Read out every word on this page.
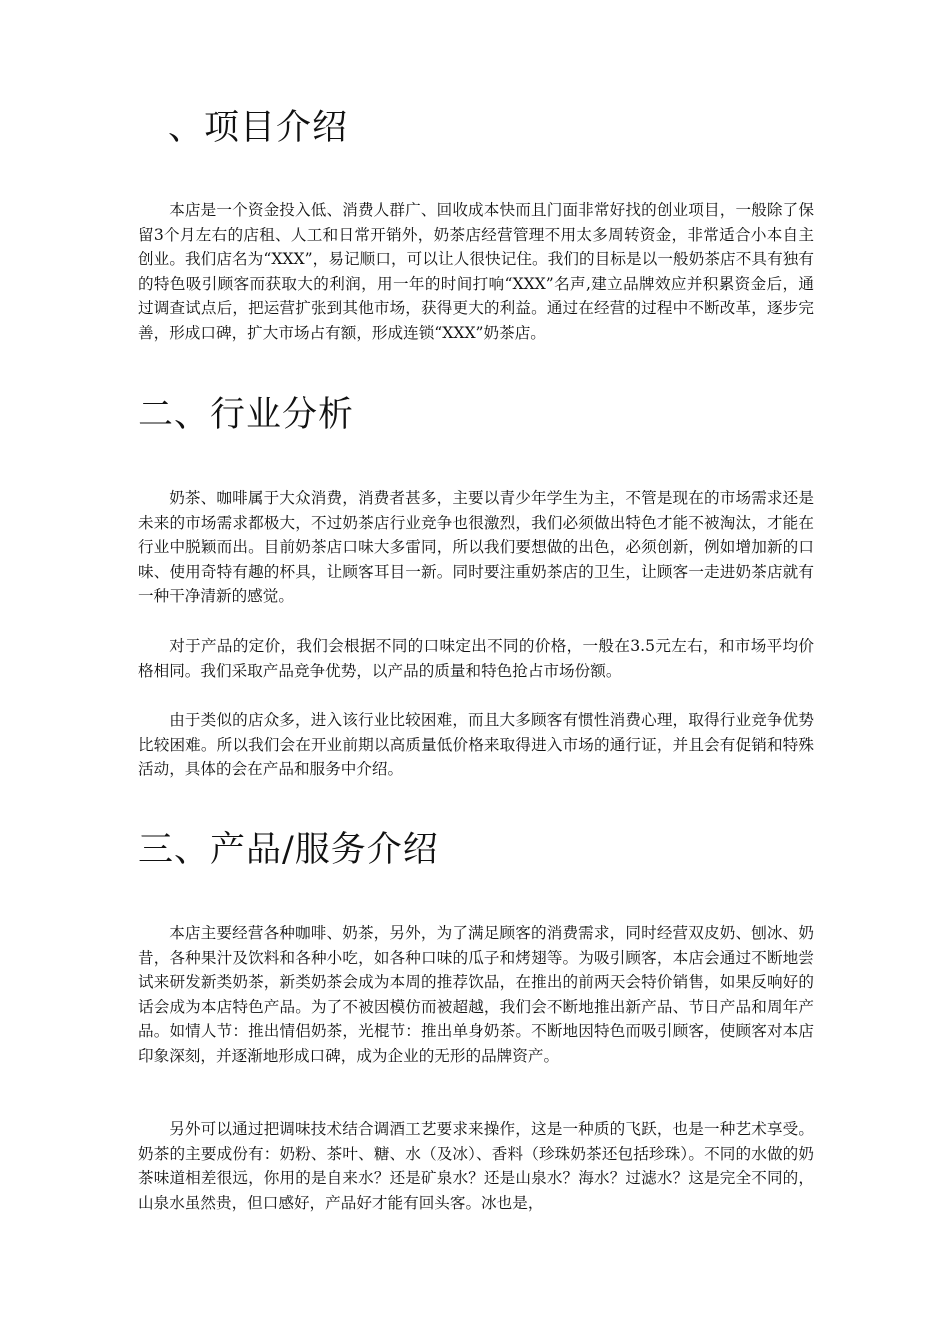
、项目介绍

本店是一个资金投入低、消费人群广、回收成本快而且门面非常好找的创业项目，一般除了保留3个月左右的店租、人工和日常开销外，奶茶店经营管理不用太多周转资金，非常适合小本自主创业。我们店名为“XXX”，易记顺口，可以让人很快记住。我们的目标是以一般奶茶店不具有独有的特色吸引顾客而获取大的利润，用一年的时间打响“XXX”名声,建立品牌效应并积累资金后，通过调查试点后，把运营扩张到其他市场，获得更大的利益。通过在经营的过程中不断改革，逐步完善，形成口碑，扩大市场占有额，形成连锁“XXX”奶茶店。

二、行业分析

奶茶、咖啡属于大众消费，消费者甚多，主要以青少年学生为主，不管是现在的市场需求还是未来的市场需求都极大，不过奶茶店行业竞争也很激烈，我们必须做出特色才能不被淘汰，才能在行业中脱颖而出。目前奶茶店口味大多雷同，所以我们要想做的出色，必须创新，例如增加新的口味、使用奇特有趣的杯具，让顾客耳目一新。同时要注重奶茶店的卫生，让顾客一走进奶茶店就有一种干净清新的感觉。

对于产品的定价，我们会根据不同的口味定出不同的价格，一般在3.5元左右，和市场平均价格相同。我们采取产品竞争优势，以产品的质量和特色抢占市场份额。

由于类似的店众多，进入该行业比较困难，而且大多顾客有惯性消费心理，取得行业竞争优势比较困难。所以我们会在开业前期以高质量低价格来取得进入市场的通行证，并且会有促销和特殊活动，具体的会在产品和服务中介绍。

三、产品/服务介绍

本店主要经营各种咖啡、奶茶，另外，为了满足顾客的消费需求，同时经营双皮奶、刨冰、奶昔，各种果汁及饮料和各种小吃，如各种口味的瓜子和烤翅等。为吸引顾客，本店会通过不断地尝试来研发新类奶茶，新类奶茶会成为本周的推荐饮品，在推出的前两天会特价销售，如果反响好的话会成为本店特色产品。为了不被因模仿而被超越，我们会不断地推出新产品、节日产品和周年产品。如情人节：推出情侣奶茶，光棍节：推出单身奶茶。不断地因特色而吸引顾客，使顾客对本店印象深刻，并逐渐地形成口碑，成为企业的无形的品牌资产。

另外可以通过把调味技术结合调酒工艺要求来操作，这是一种质的飞跃，也是一种艺术享受。奶茶的主要成份有：奶粉、茶叶、糖、水（及冰）、香料（珍珠奶茶还包括珍珠）。不同的水做的奶茶味道相差很远，你用的是自来水？还是矿泉水？还是山泉水？海水？过滤水？这是完全不同的，山泉水虽然贵，但口感好，产品好才能有回头客。冰也是，
